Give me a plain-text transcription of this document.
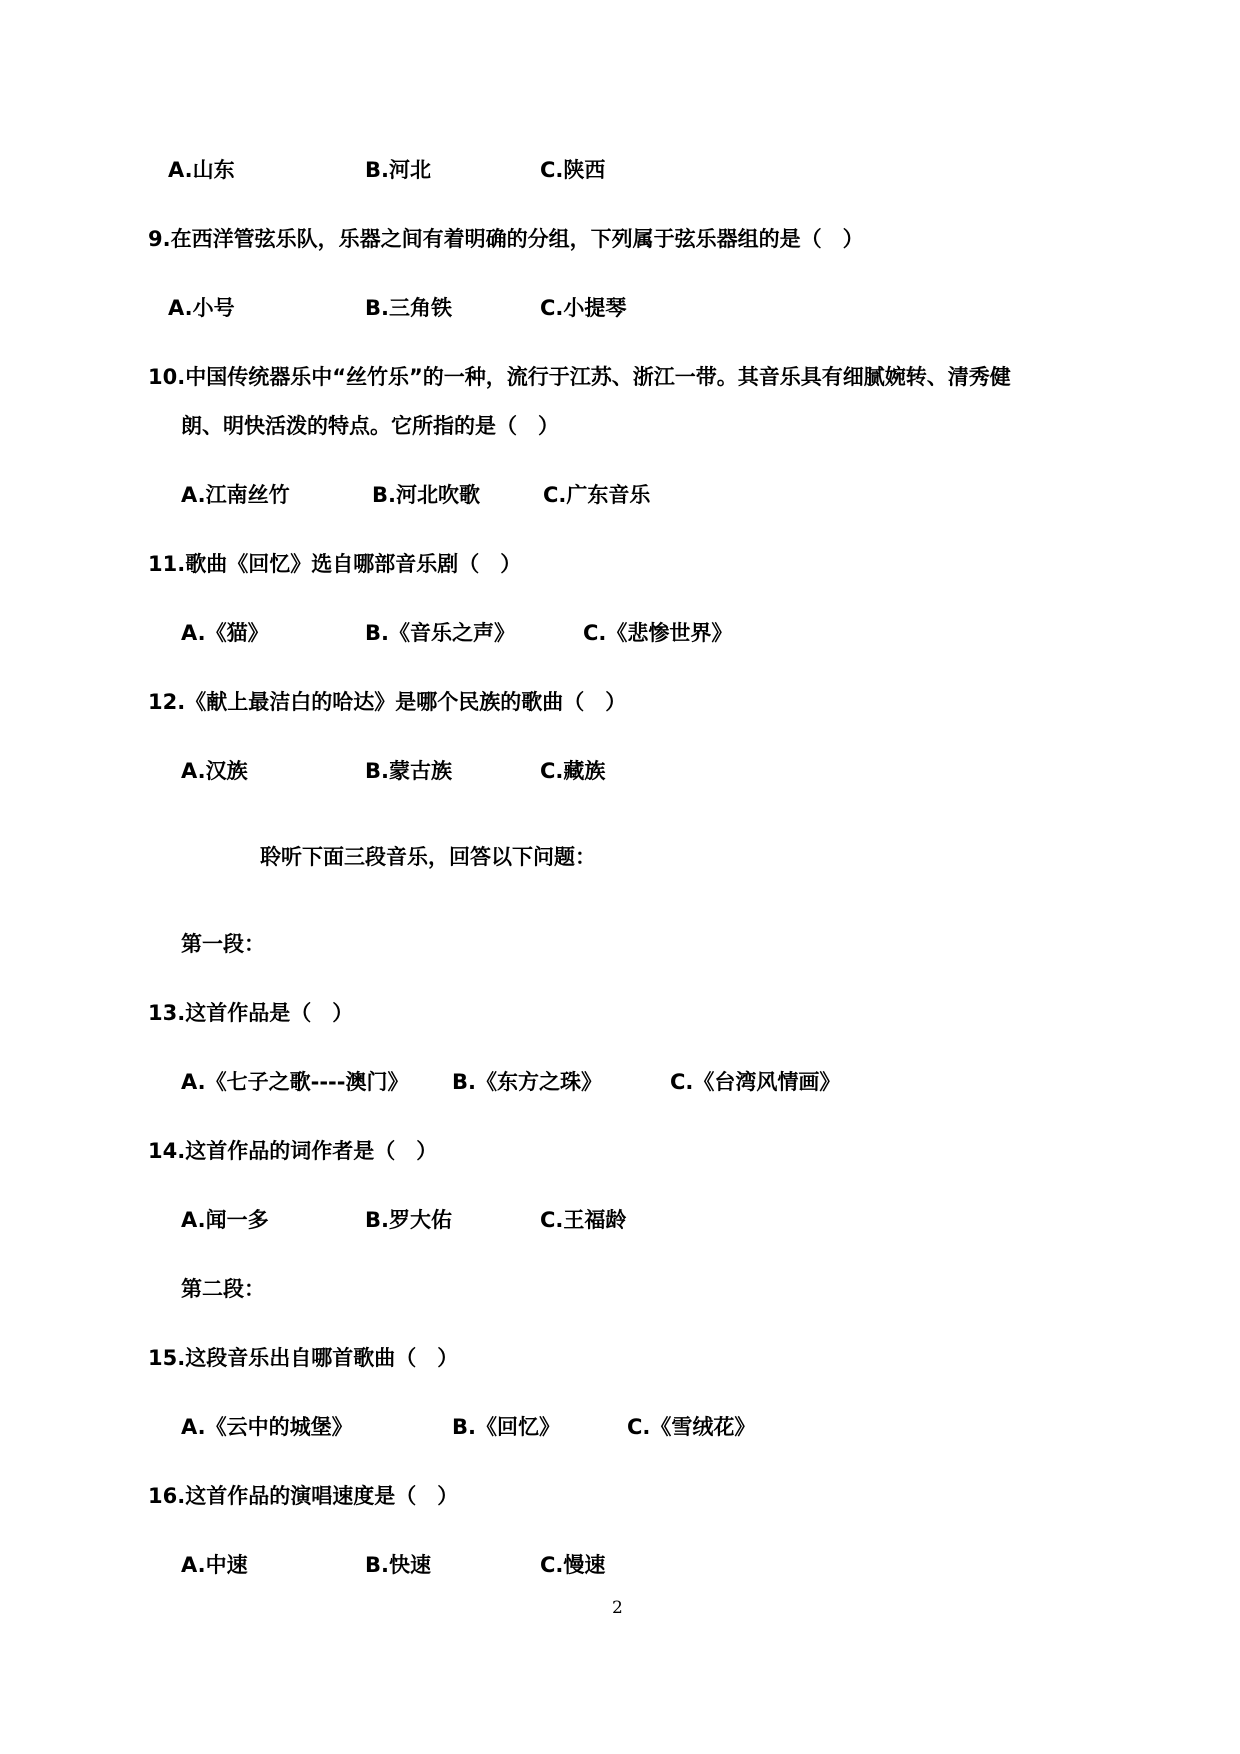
A.山东	B.河北	C.陕西
9.在西洋管弦乐队，乐器之间有着明确的分组，下列属于弦乐器组的是（　）
A.小号	B.三角铁	C.小提琴
10.中国传统器乐中“丝竹乐”的一种，流行于江苏、浙江一带。其音乐具有细腻婉转、清秀健
朗、明快活泼的特点。它所指的是（　）
A.江南丝竹	B.河北吹歌	C.广东音乐
11.歌曲《回忆》选自哪部音乐剧（　）
A.《猫》	B.《音乐之声》	C.《悲惨世界》
12.《献上最洁白的哈达》是哪个民族的歌曲（　）
A.汉族	B.蒙古族	C.藏族
聆听下面三段音乐，回答以下问题：
第一段：
13.这首作品是（　）
A.《七子之歌----澳门》 B.《东方之珠》	C.《台湾风情画》
14.这首作品的词作者是（　）
A.闻一多	B.罗大佑	C.王福龄
第二段：
15.这段音乐出自哪首歌曲（　）
A.《云中的城堡》	B.《回忆》	C.《雪绒花》
16.这首作品的演唱速度是（　）
A.中速	B.快速	C.慢速
2
